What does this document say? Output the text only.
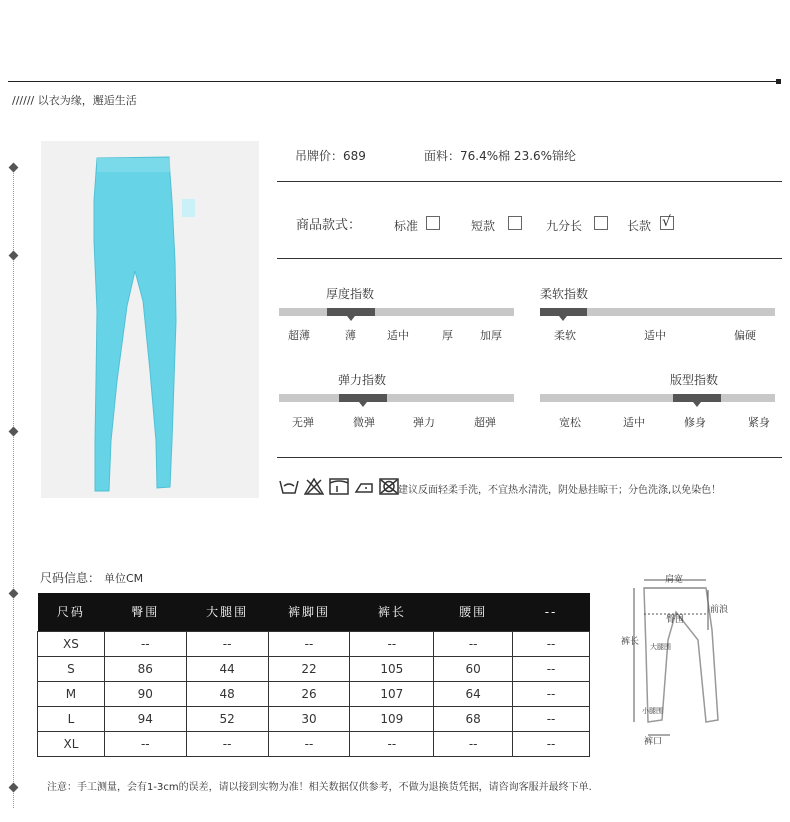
////// 以衣为缘，邂逅生活
吊牌价：689	面料：76.4%棉 23.6%锦纶
商品款式：	标准	短款	九分长	长款
√
厚度指数
超薄	薄	适中	厚 加厚
柔软指数
柔软	适中	偏硬
弹力指数
无弹	微弹	弹力	超弹
版型指数
宽松	适中	修身	紧身
建议反面轻柔手洗，不宜热水清洗，阴处悬挂晾干；分色洗涤,以免染色！
尺码信息： 单位CM
尺码	臀围	大腿围	裤脚围	裤长	腰围	--
XS	--	--	--	--	--	--
S	86	44	22	105	60	--
M	90	48	26	107	64	--
L	94	52	30	109	68	--
XL	--	--	--	--	--	--
肩宽
前浪
臀围
裤长 大腿围
小腿围
裤口
注意：手工测量，会有1-3cm的误差，请以接到实物为准！相关数据仅供参考，不做为退换货凭据，请咨询客服并最终下单.
